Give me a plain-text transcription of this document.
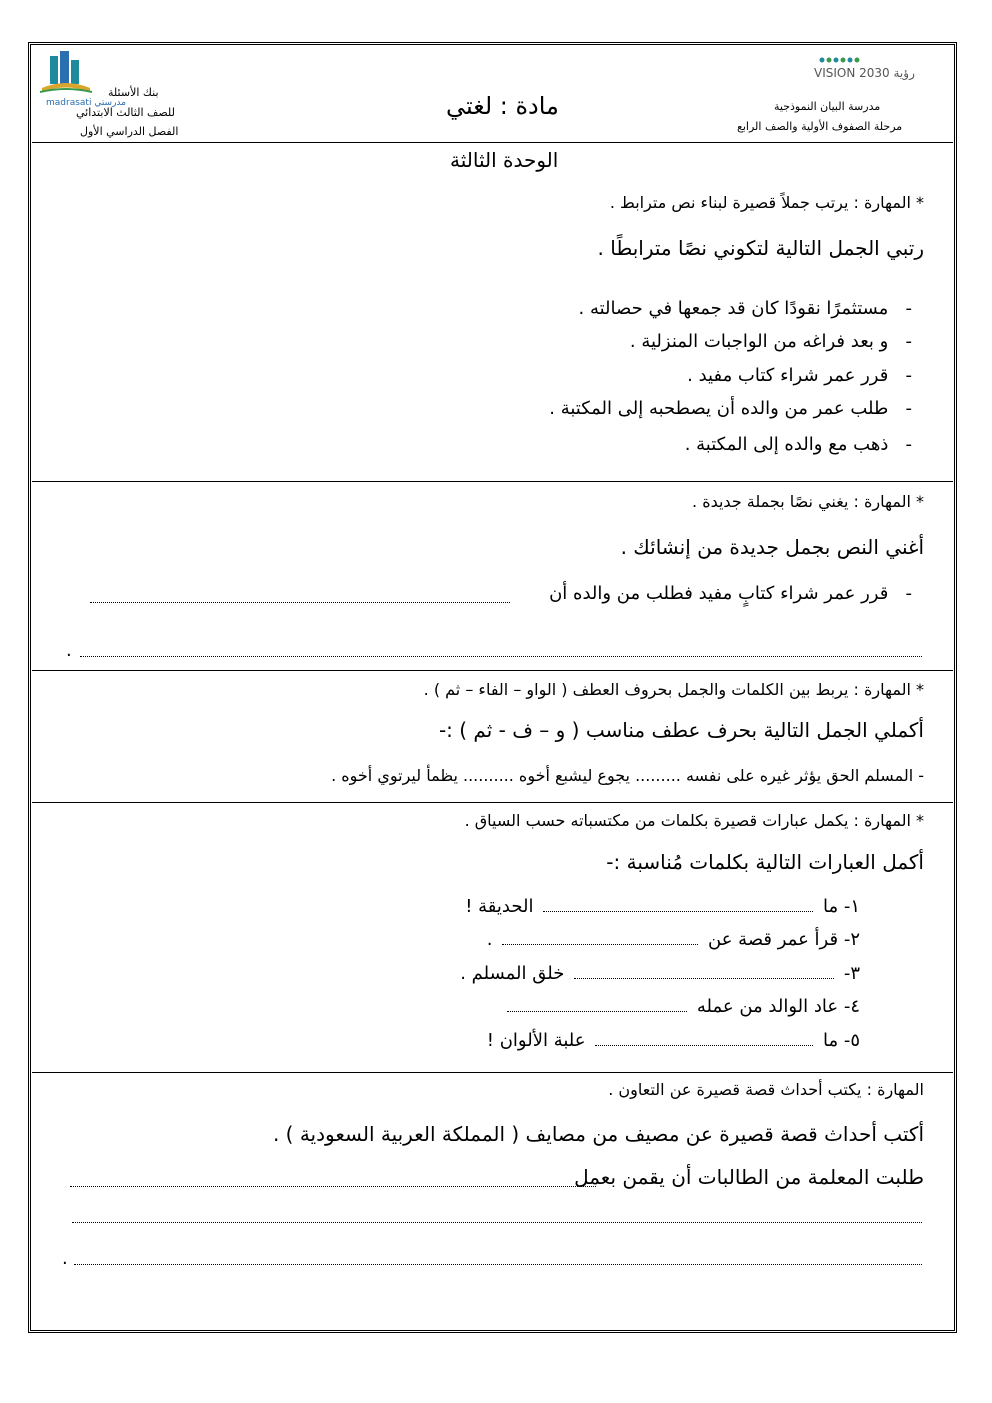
مدرستي madrasati
بنك الأسئلة
للصف الثالث الابتدائي
الفصل الدراسي الأول
مادة : لغتي
رؤية VISION 2030
مدرسة البيان النموذجية
مرحلة الصفوف الأولية والصف الرابع
الوحدة الثالثة
* المهارة : يرتب جملاً قصيرة لبناء نص مترابط .
رتبي الجمل التالية لتكوني نصًا مترابطًا .
-   مستثمرًا نقودًا كان قد جمعها في حصالته .
-   و بعد فراغه من الواجبات المنزلية .
-   قرر عمر شراء كتاب مفيد .
-   طلب عمر من والده أن يصطحبه إلى المكتبة .
-   ذهب مع والده إلى المكتبة .
* المهارة : يغني نصًا بجملة جديدة .
أغني النص بجمل جديدة من إنشائك .
-   قرر عمر شراء كتابٍ مفيد فطلب من والده أن
.
* المهارة : يربط بين الكلمات والجمل بحروف العطف ( الواو – الفاء – ثم ) .
أكملي الجمل التالية بحرف عطف مناسب ( و – ف - ثم ) :-
- المسلم الحق يؤثر غيره على نفسه ......... يجوع ليشبع أخوه .......... يظمأ ليرتوي أخوه .
* المهارة : يكمل عبارات قصيرة بكلمات من مكتسباته حسب السياق .
أكمل العبارات التالية بكلمات مُناسبة :-
١- ما  الحديقة !
٢- قرأ عمر قصة عن  .
٣-  خلق المسلم .
٤- عاد الوالد من عمله
٥- ما  علبة الألوان !
المهارة : يكتب أحداث قصة قصيرة عن التعاون .
أكتب أحداث قصة قصيرة عن مصيف من مصايف ( المملكة العربية السعودية ) .
طلبت المعلمة من الطالبات أن يقمن بعمل
.
